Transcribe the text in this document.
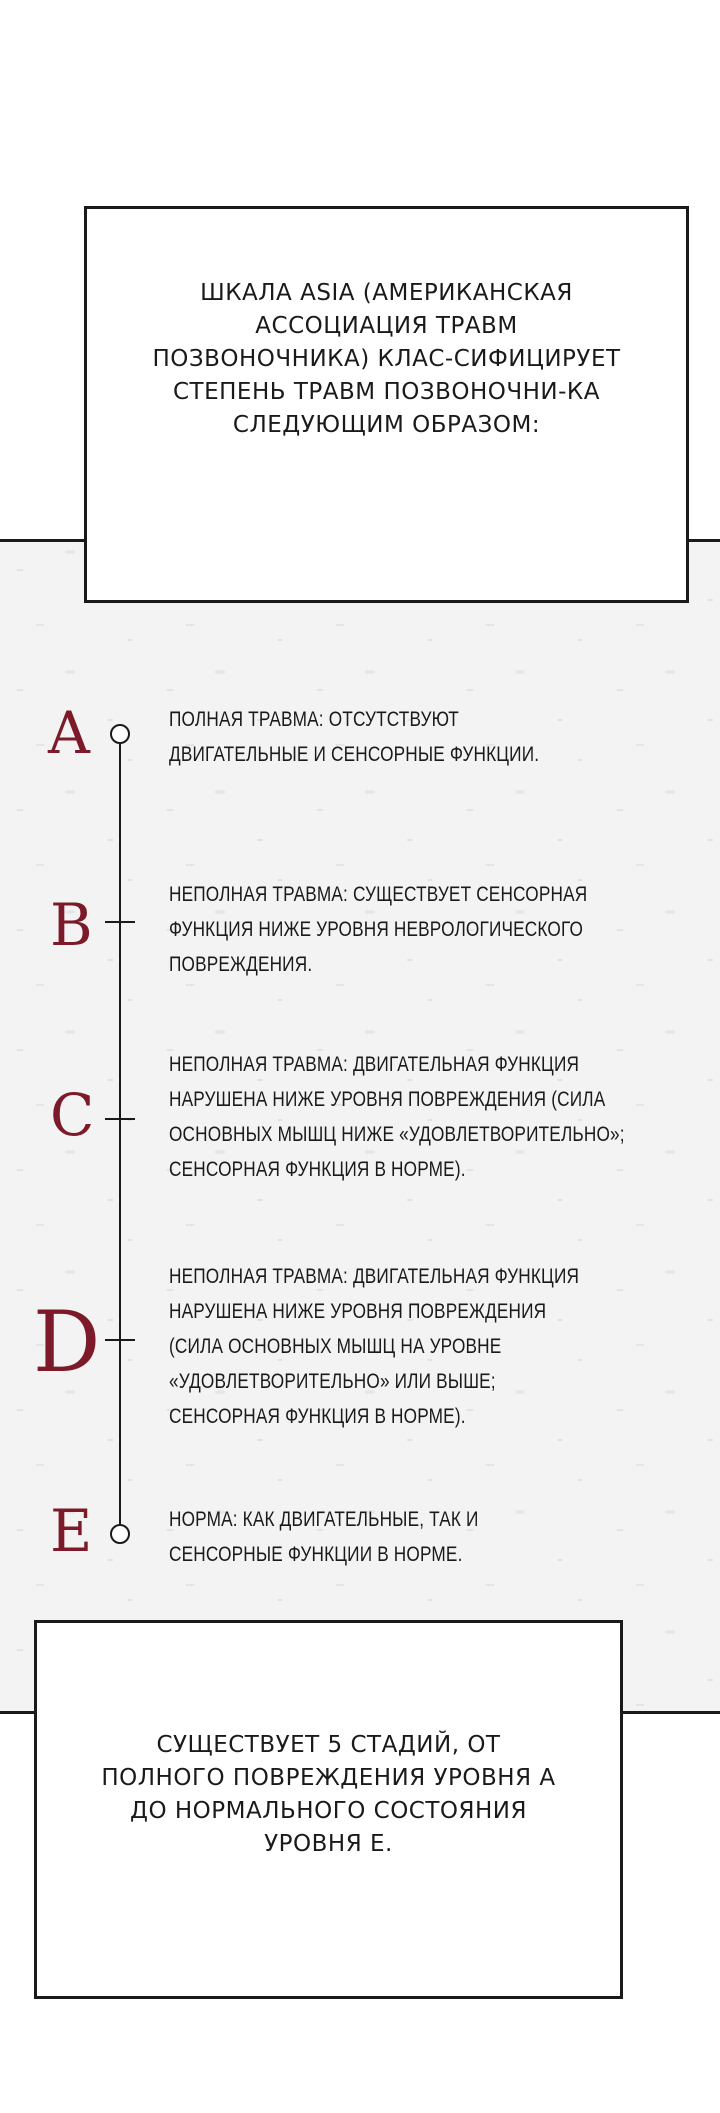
ШКАЛА ASIA (АМЕРИКАНСКАЯ АССОЦИАЦИЯ ТРАВМ ПОЗВОНОЧНИКА) КЛАС-СИФИЦИРУЕТ СТЕПЕНЬ ТРАВМ ПОЗВОНОЧНИ-КА СЛЕДУЮЩИМ ОБРАЗОМ:
A
B
C
D
E
ПОЛНАЯ ТРАВМА: ОТСУТСТВУЮТ ДВИГАТЕЛЬНЫЕ И СЕНСОРНЫЕ ФУНКЦИИ.
НЕПОЛНАЯ ТРАВМА: СУЩЕСТВУЕТ СЕНСОРНАЯ ФУНКЦИЯ НИЖЕ УРОВНЯ НЕВРОЛОГИЧЕСКОГО ПОВРЕЖДЕНИЯ.
НЕПОЛНАЯ ТРАВМА: ДВИГАТЕЛЬНАЯ ФУНКЦИЯ НАРУШЕНА НИЖЕ УРОВНЯ ПОВРЕЖДЕНИЯ (СИЛА ОСНОВНЫХ МЫШЦ НИЖЕ «УДОВЛЕТВОРИТЕЛЬНО»; СЕНСОРНАЯ ФУНКЦИЯ В НОРМЕ).
НЕПОЛНАЯ ТРАВМА: ДВИГАТЕЛЬНАЯ ФУНКЦИЯ НАРУШЕНА НИЖЕ УРОВНЯ ПОВРЕЖДЕНИЯ (СИЛА ОСНОВНЫХ МЫШЦ НА УРОВНЕ «УДОВЛЕТВОРИТЕЛЬНО» ИЛИ ВЫШЕ; СЕНСОРНАЯ ФУНКЦИЯ В НОРМЕ).
НОРМА: КАК ДВИГАТЕЛЬНЫЕ, ТАК И СЕНСОРНЫЕ ФУНКЦИИ В НОРМЕ.
СУЩЕСТВУЕТ 5 СТАДИЙ, ОТ ПОЛНОГО ПОВРЕЖДЕНИЯ УРОВНЯ A ДО НОРМАЛЬНОГО СОСТОЯНИЯ УРОВНЯ E.
